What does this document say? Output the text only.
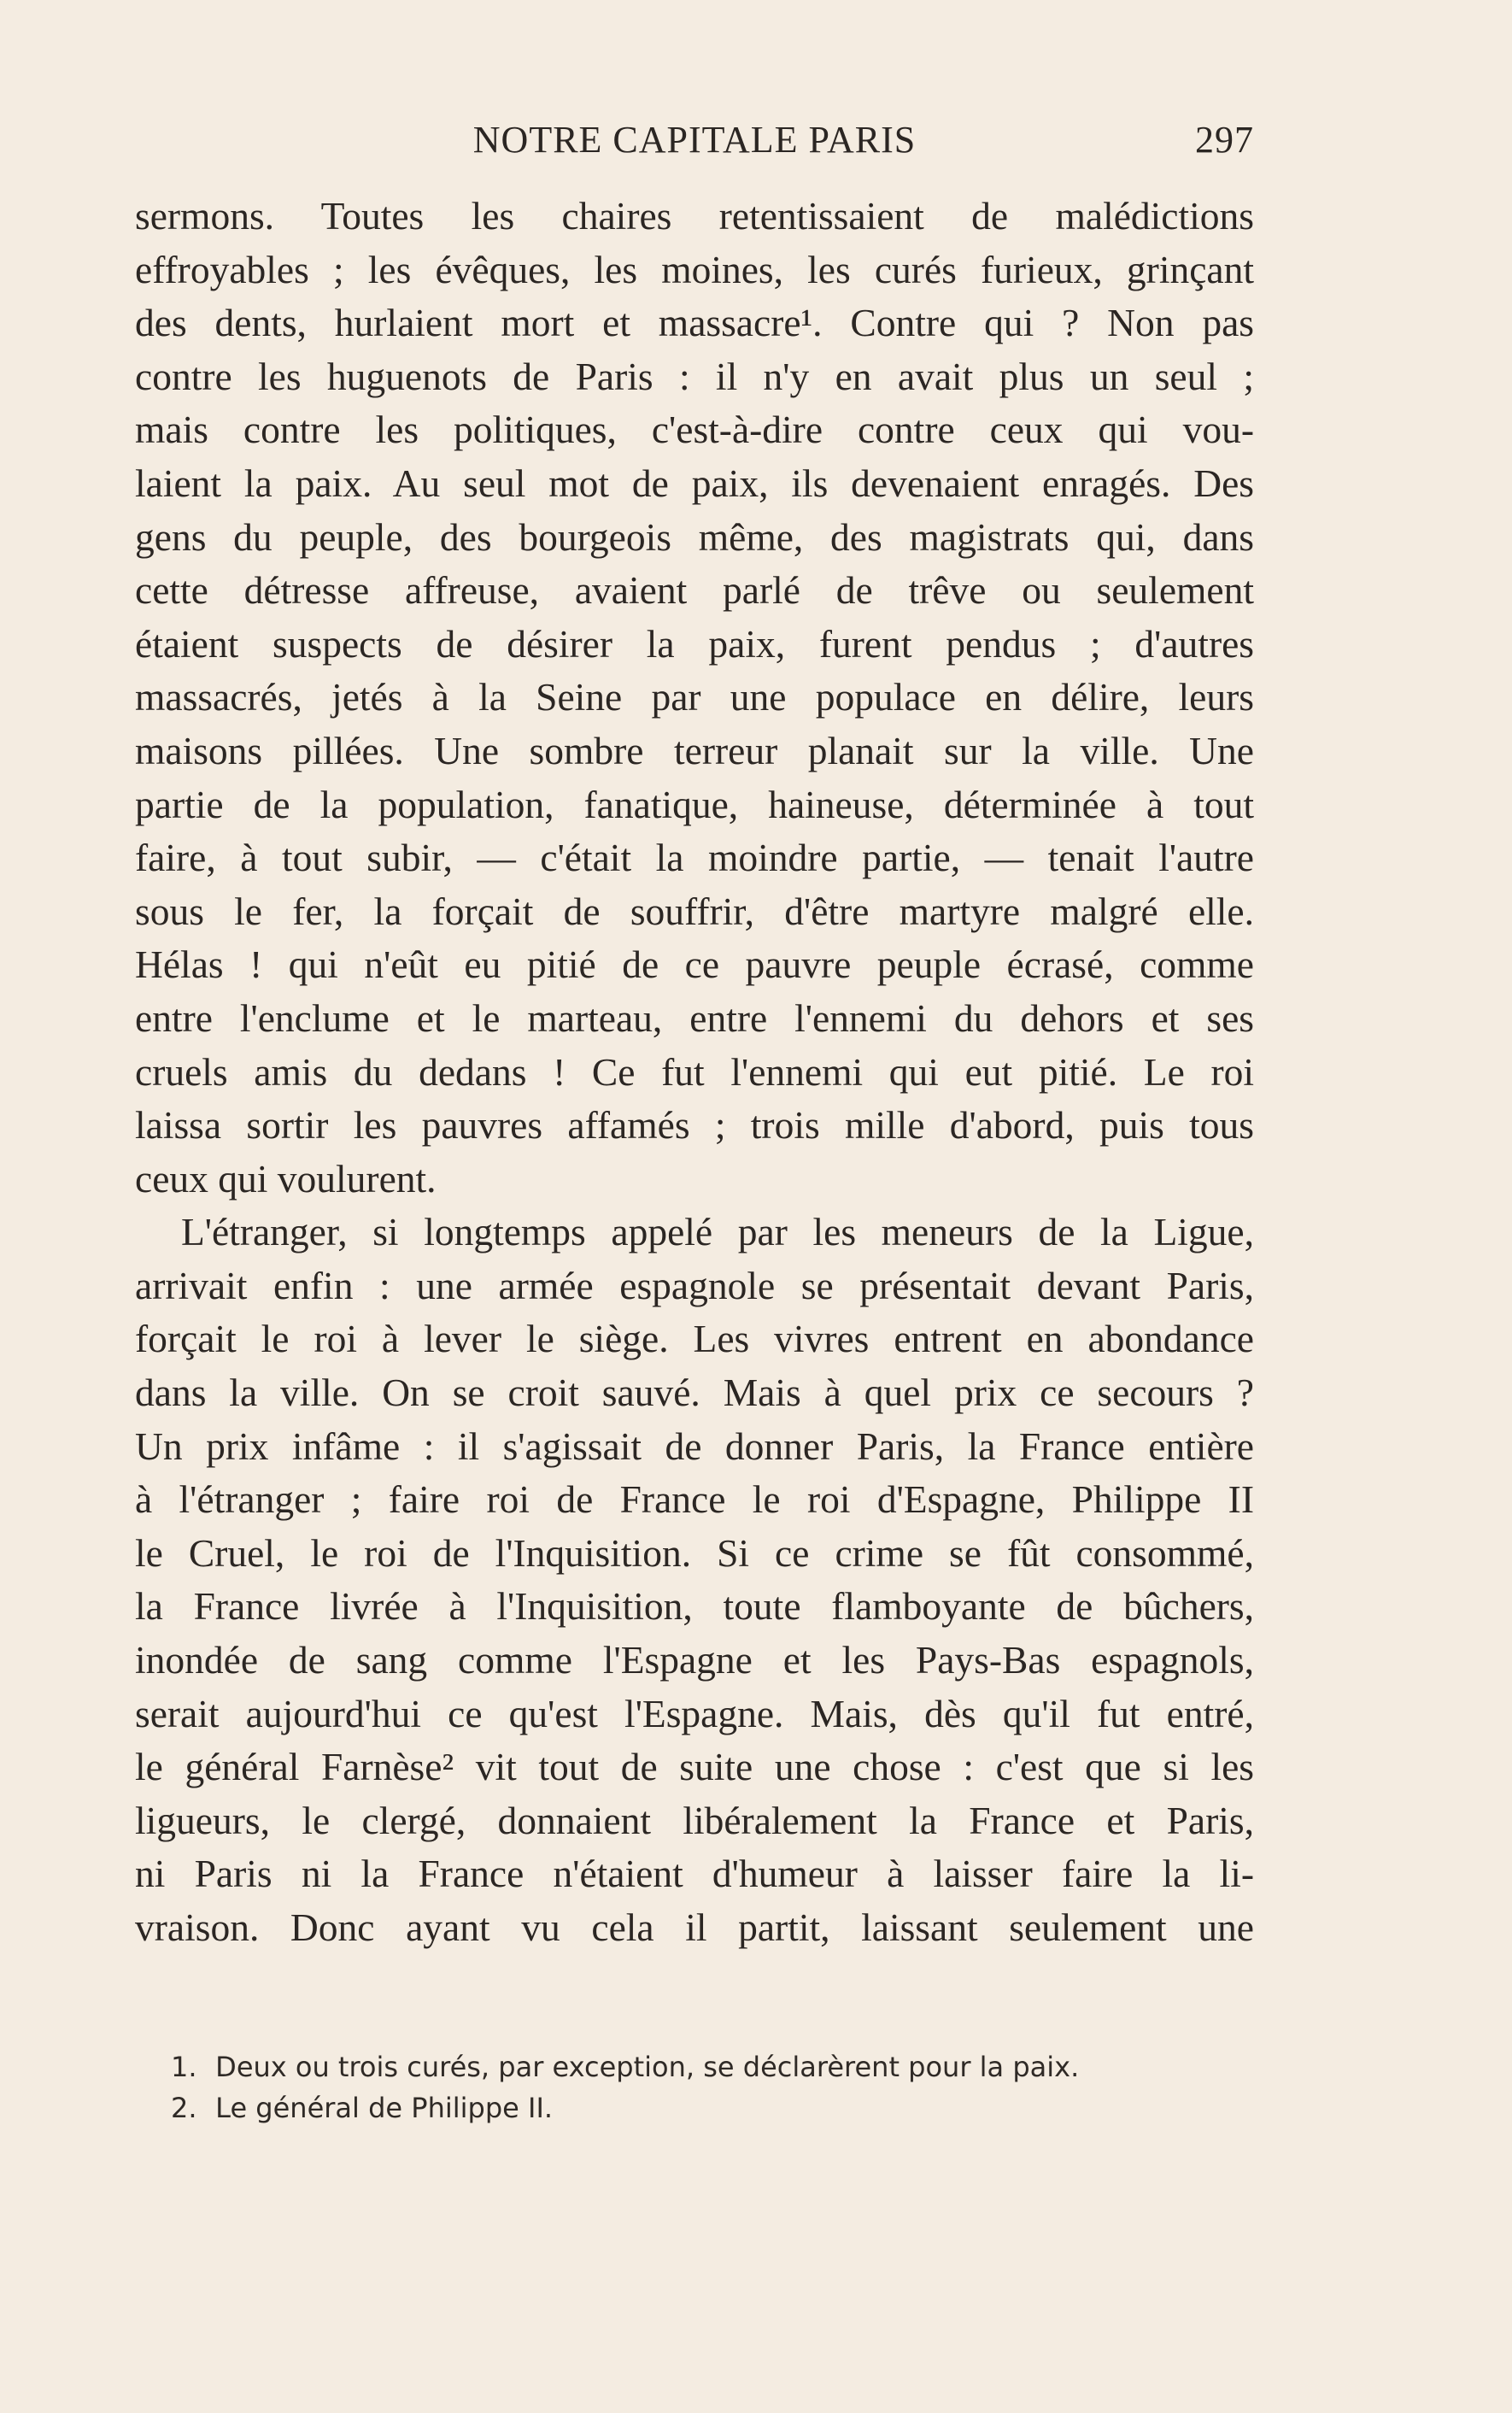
NOTRE CAPITALE PARIS	297
sermons. Toutes les chaires retentissaient de malédictions
effroyables ; les évêques, les moines, les curés furieux, grinçant
des dents, hurlaient mort et massacre¹. Contre qui ? Non pas
contre les huguenots de Paris : il n'y en avait plus un seul ;
mais contre les politiques, c'est-à-dire contre ceux qui vou-
laient la paix. Au seul mot de paix, ils devenaient enragés. Des
gens du peuple, des bourgeois même, des magistrats qui, dans
cette détresse affreuse, avaient parlé de trêve ou seulement
étaient suspects de désirer la paix, furent pendus ; d'autres
massacrés, jetés à la Seine par une populace en délire, leurs
maisons pillées. Une sombre terreur planait sur la ville. Une
partie de la population, fanatique, haineuse, déterminée à tout
faire, à tout subir, — c'était la moindre partie, — tenait l'autre
sous le fer, la forçait de souffrir, d'être martyre malgré elle.
Hélas ! qui n'eût eu pitié de ce pauvre peuple écrasé, comme
entre l'enclume et le marteau, entre l'ennemi du dehors et ses
cruels amis du dedans ! Ce fut l'ennemi qui eut pitié. Le roi
laissa sortir les pauvres affamés ; trois mille d'abord, puis tous
ceux qui voulurent.
L'étranger, si longtemps appelé par les meneurs de la Ligue,
arrivait enfin : une armée espagnole se présentait devant Paris,
forçait le roi à lever le siège. Les vivres entrent en abondance
dans la ville. On se croit sauvé. Mais à quel prix ce secours ?
Un prix infâme : il s'agissait de donner Paris, la France entière
à l'étranger ; faire roi de France le roi d'Espagne, Philippe II
le Cruel, le roi de l'Inquisition. Si ce crime se fût consommé,
la France livrée à l'Inquisition, toute flamboyante de bûchers,
inondée de sang comme l'Espagne et les Pays-Bas espagnols,
serait aujourd'hui ce qu'est l'Espagne. Mais, dès qu'il fut entré,
le général Farnèse² vit tout de suite une chose : c'est que si les
ligueurs, le clergé, donnaient libéralement la France et Paris,
ni Paris ni la France n'étaient d'humeur à laisser faire la li-
vraison. Donc ayant vu cela il partit, laissant seulement une
1. Deux ou trois curés, par exception, se déclarèrent pour la paix.
2. Le général de Philippe II.
